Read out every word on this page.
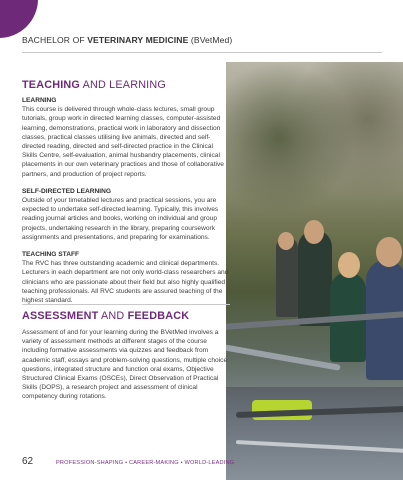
BACHELOR OF VETERINARY MEDICINE (BVetMed)
TEACHING AND LEARNING

LEARNING

This course is delivered through whole-class lectures, small group tutorials, group work in directed learning classes, computer-assisted learning, demonstrations, practical work in laboratory and dissection classes, practical classes utilising live animals, directed and self-directed reading, directed and self-directed practice in the Clinical Skills Centre, self-evaluation, animal husbandry placements, clinical placements in our own veterinary practices and those of collaborative partners, and production of project reports.

SELF-DIRECTED LEARNING

Outside of your timetabled lectures and practical sessions, you are expected to undertake self-directed learning. Typically, this involves reading journal articles and books, working on individual and group projects, undertaking research in the library, preparing coursework assignments and presentations, and preparing for examinations.

TEACHING STAFF

The RVC has three outstanding academic and clinical departments. Lecturers in each department are not only world-class researchers and clinicians who are passionate about their field but also highly qualified teaching professionals. All RVC students are assured teaching of the highest standard.

ASSESSMENT AND FEEDBACK

Assessment of and for your learning during the BVetMed involves a variety of assessment methods at different stages of the course including formative assessments via quizzes and feedback from academic staff, essays and problem-solving questions, multiple choice questions, integrated structure and function oral exams, Objective Structured Clinical Exams (OSCEs), Direct Observation of Practical Skills (DOPS), a research project and assessment of clinical competency during rotations.

62	PROFESSION-SHAPING • CAREER-MAKING • WORLD-LEADING
